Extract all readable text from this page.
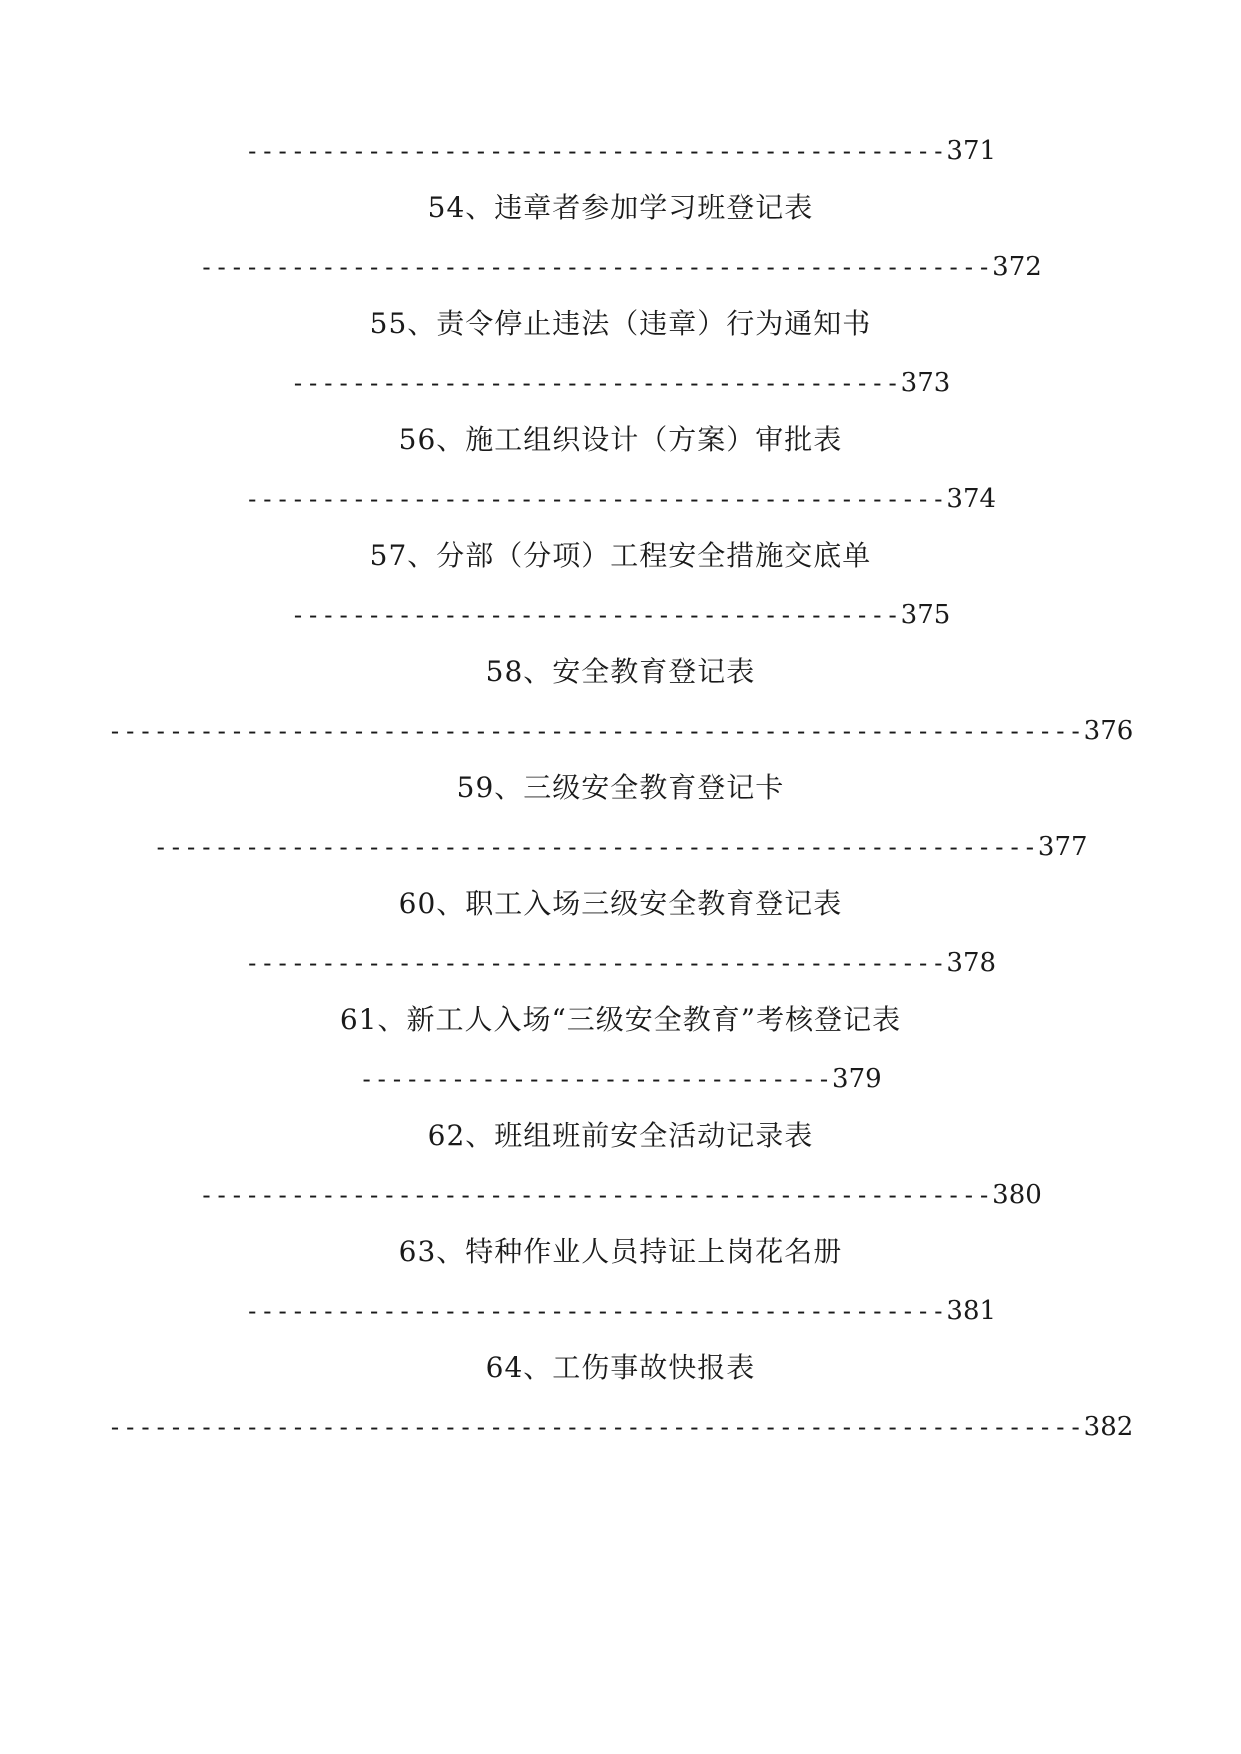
----------------------------------------------371
54、违章者参加学习班登记表
----------------------------------------------------372
55、责令停止违法（违章）行为通知书
----------------------------------------373
56、施工组织设计（方案）审批表
----------------------------------------------374
57、分部（分项）工程安全措施交底单
----------------------------------------375
58、安全教育登记表
----------------------------------------------------------------376
59、三级安全教育登记卡
----------------------------------------------------------377
60、职工入场三级安全教育登记表
----------------------------------------------378
61、新工人入场“三级安全教育”考核登记表
-------------------------------379
62、班组班前安全活动记录表
----------------------------------------------------380
63、特种作业人员持证上岗花名册
----------------------------------------------381
64、工伤事故快报表
----------------------------------------------------------------382
